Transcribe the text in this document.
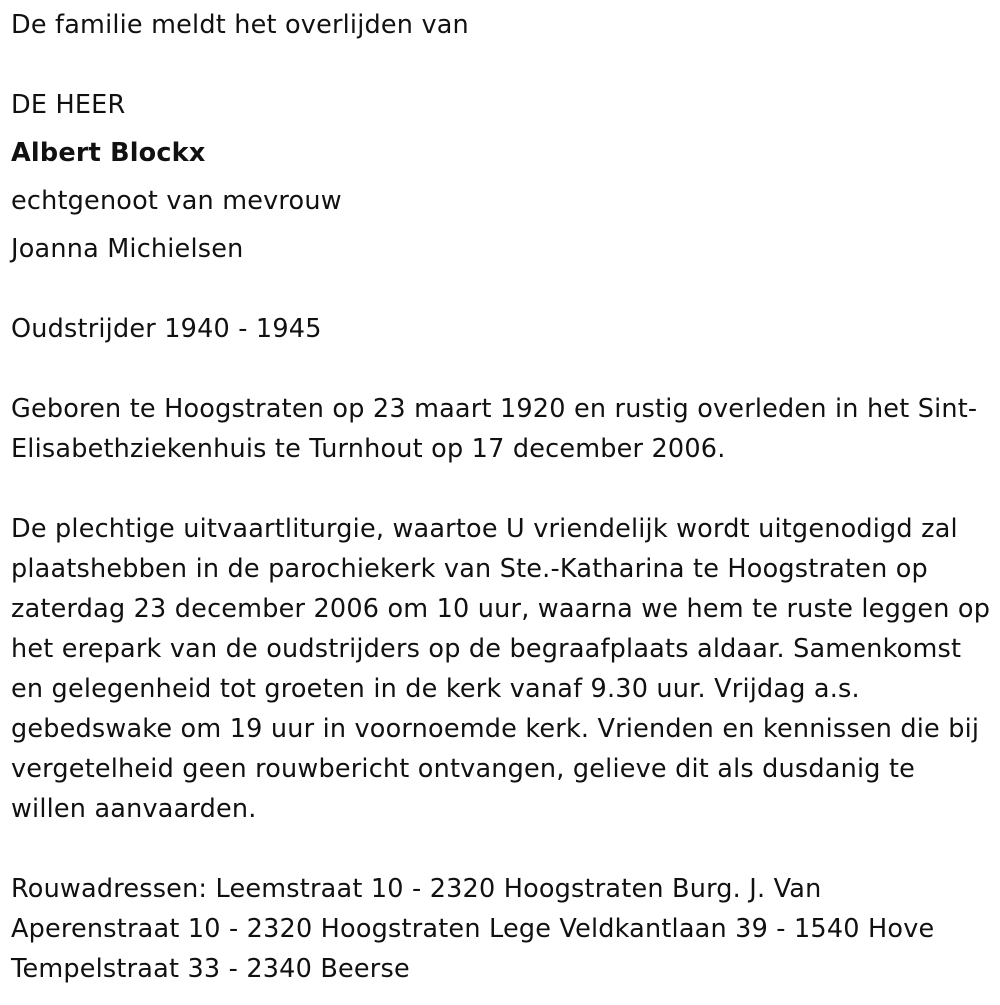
De familie meldt het overlijden van
DE HEER
Albert Blockx
echtgenoot van mevrouw
Joanna Michielsen
Oudstrijder 1940 - 1945
Geboren te Hoogstraten op 23 maart 1920 en rustig overleden in het Sint-Elisabethziekenhuis te Turnhout op 17 december 2006.
De plechtige uitvaartliturgie, waartoe U vriendelijk wordt uitgenodigd zal plaatshebben in de parochiekerk van Ste.-Katharina te Hoogstraten op zaterdag 23 december 2006 om 10 uur, waarna we hem te ruste leggen op het erepark van de oudstrijders op de begraafplaats aldaar. Samenkomst en gelegenheid tot groeten in de kerk vanaf 9.30 uur. Vrijdag a.s. gebedswake om 19 uur in voornoemde kerk. Vrienden en kennissen die bij vergetelheid geen rouwbericht ontvangen, gelieve dit als dusdanig te willen aanvaarden.
Rouwadressen: Leemstraat 10 - 2320 Hoogstraten Burg. J. Van Aperenstraat 10 - 2320 Hoogstraten Lege Veldkantlaan 39 - 1540 Hove Tempelstraat 33 - 2340 Beerse
